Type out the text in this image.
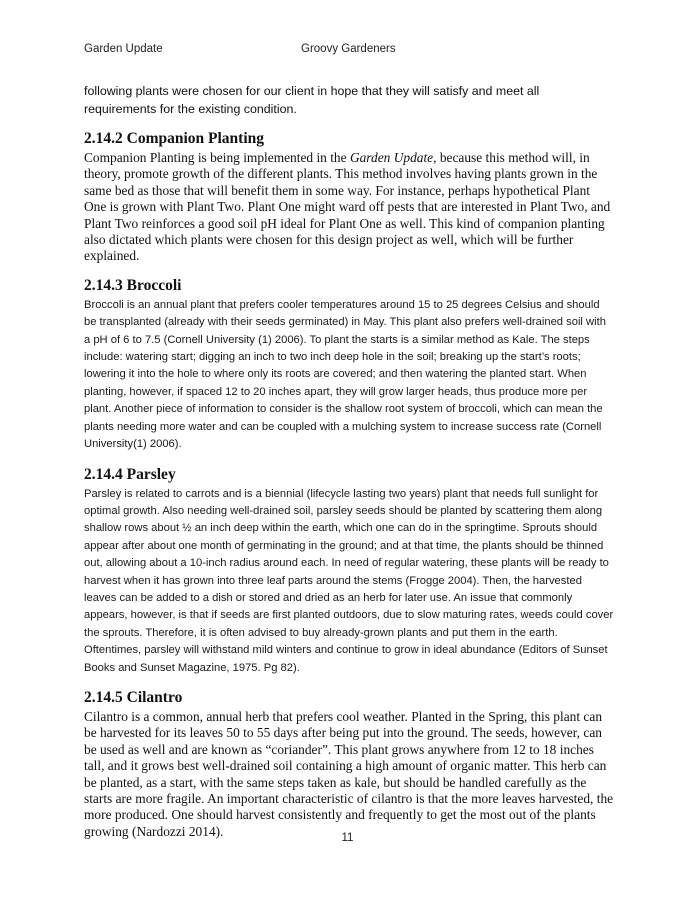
Garden Update	Groovy Gardeners

following plants were chosen for our client in hope that they will satisfy and meet all requirements for the existing condition.

2.14.2 Companion Planting

Companion Planting is being implemented in the Garden Update, because this method will, in theory, promote growth of the different plants. This method involves having plants grown in the same bed as those that will benefit them in some way. For instance, perhaps hypothetical Plant One is grown with Plant Two. Plant One might ward off pests that are interested in Plant Two, and Plant Two reinforces a good soil pH ideal for Plant One as well. This kind of companion planting also dictated which plants were chosen for this design project as well, which will be further explained.

2.14.3 Broccoli

Broccoli is an annual plant that prefers cooler temperatures around 15 to 25 degrees Celsius and should be transplanted (already with their seeds germinated) in May. This plant also prefers well-drained soil with a pH of 6 to 7.5 (Cornell University (1) 2006). To plant the starts is a similar method as Kale. The steps include: watering start; digging an inch to two inch deep hole in the soil; breaking up the start’s roots; lowering it into the hole to where only its roots are covered; and then watering the planted start. When planting, however, if spaced 12 to 20 inches apart, they will grow larger heads, thus produce more per plant. Another piece of information to consider is the shallow root system of broccoli, which can mean the plants needing more water and can be coupled with a mulching system to increase success rate (Cornell University(1) 2006).

2.14.4 Parsley

Parsley is related to carrots and is a biennial (lifecycle lasting two years) plant that needs full sunlight for optimal growth. Also needing well-drained soil, parsley seeds should be planted by scattering them along shallow rows about ½ an inch deep within the earth, which one can do in the springtime. Sprouts should appear after about one month of germinating in the ground; and at that time, the plants should be thinned out, allowing about a 10-inch radius around each. In need of regular watering, these plants will be ready to harvest when it has grown into three leaf parts around the stems (Frogge 2004). Then, the harvested leaves can be added to a dish or stored and dried as an herb for later use. An issue that commonly appears, however, is that if seeds are first planted outdoors, due to slow maturing rates, weeds could cover the sprouts. Therefore, it is often advised to buy already-grown plants and put them in the earth. Oftentimes, parsley will withstand mild winters and continue to grow in ideal abundance (Editors of Sunset Books and Sunset Magazine, 1975. Pg 82).

2.14.5 Cilantro

Cilantro is a common, annual herb that prefers cool weather. Planted in the Spring, this plant can be harvested for its leaves 50 to 55 days after being put into the ground. The seeds, however, can be used as well and are known as “coriander”. This plant grows anywhere from 12 to 18 inches tall, and it grows best well-drained soil containing a high amount of organic matter. This herb can be planted, as a start, with the same steps taken as kale, but should be handled carefully as the starts are more fragile. An important characteristic of cilantro is that the more leaves harvested, the more produced. One should harvest consistently and frequently to get the most out of the plants growing (Nardozzi 2014).	11
